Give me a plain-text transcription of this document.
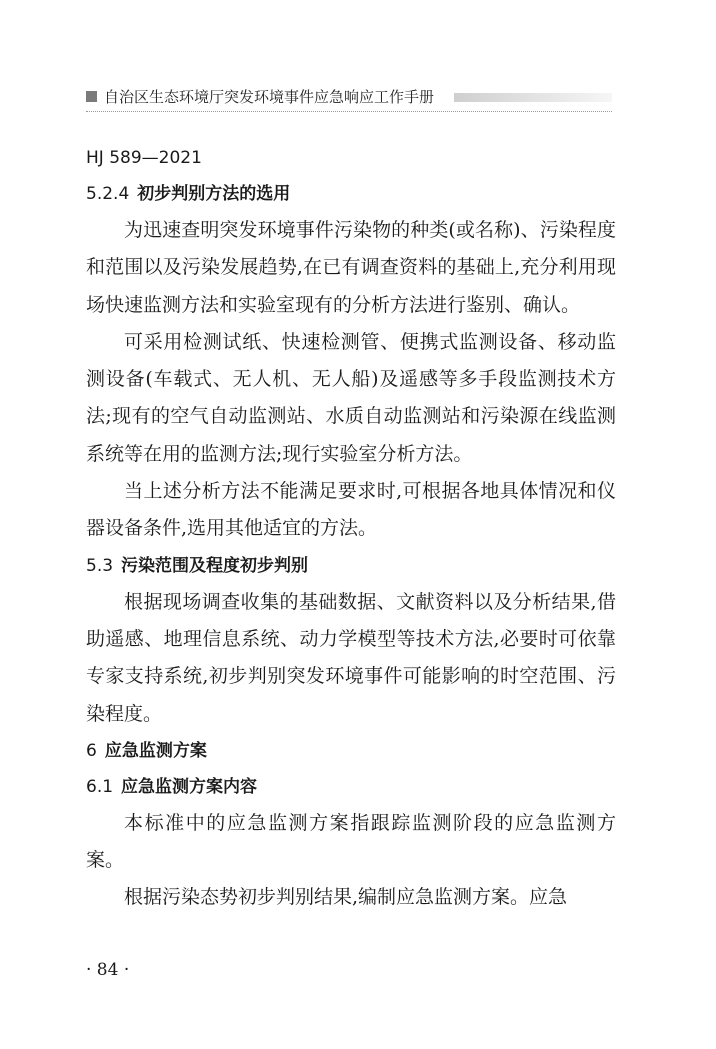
自治区生态环境厅突发环境事件应急响应工作手册
HJ 589—2021
5.2.4 初步判别方法的选用

为迅速查明突发环境事件污染物的种类(或名称)、污染程度和范围以及污染发展趋势,在已有调查资料的基础上,充分利用现场快速监测方法和实验室现有的分析方法进行鉴别、确认。

可采用检测试纸、快速检测管、便携式监测设备、移动监测设备(车载式、无人机、无人船)及遥感等多手段监测技术方法;现有的空气自动监测站、水质自动监测站和污染源在线监测系统等在用的监测方法;现行实验室分析方法。

当上述分析方法不能满足要求时,可根据各地具体情况和仪器设备条件,选用其他适宜的方法。

5.3 污染范围及程度初步判别

根据现场调查收集的基础数据、文献资料以及分析结果,借助遥感、地理信息系统、动力学模型等技术方法,必要时可依靠专家支持系统,初步判别突发环境事件可能影响的时空范围、污染程度。

6 应急监测方案
6.1 应急监测方案内容

本标准中的应急监测方案指跟踪监测阶段的应急监测方案。

根据污染态势初步判别结果,编制应急监测方案。应急

· 84 ·
